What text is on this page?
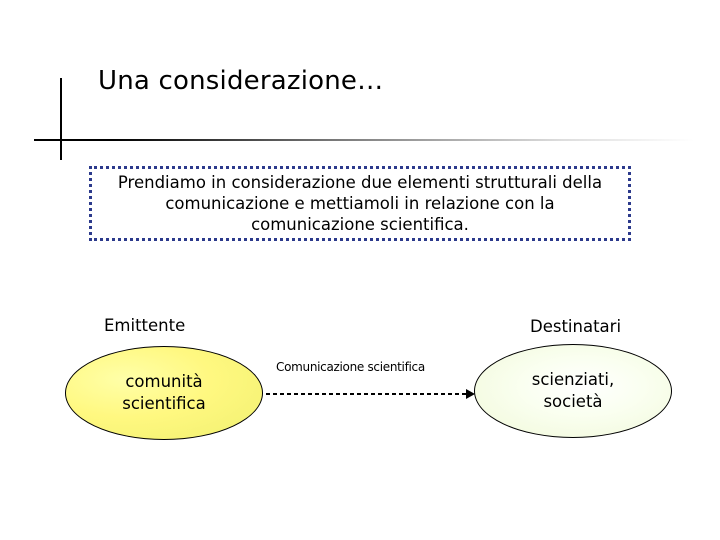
Una considerazione…
Prendiamo in considerazione due elementi strutturali della comunicazione e mettiamoli in relazione con la comunicazione scientifica.
Emittente	Destinatari
comunità scientifica
Comunicazione scientifica
scienziati, società
